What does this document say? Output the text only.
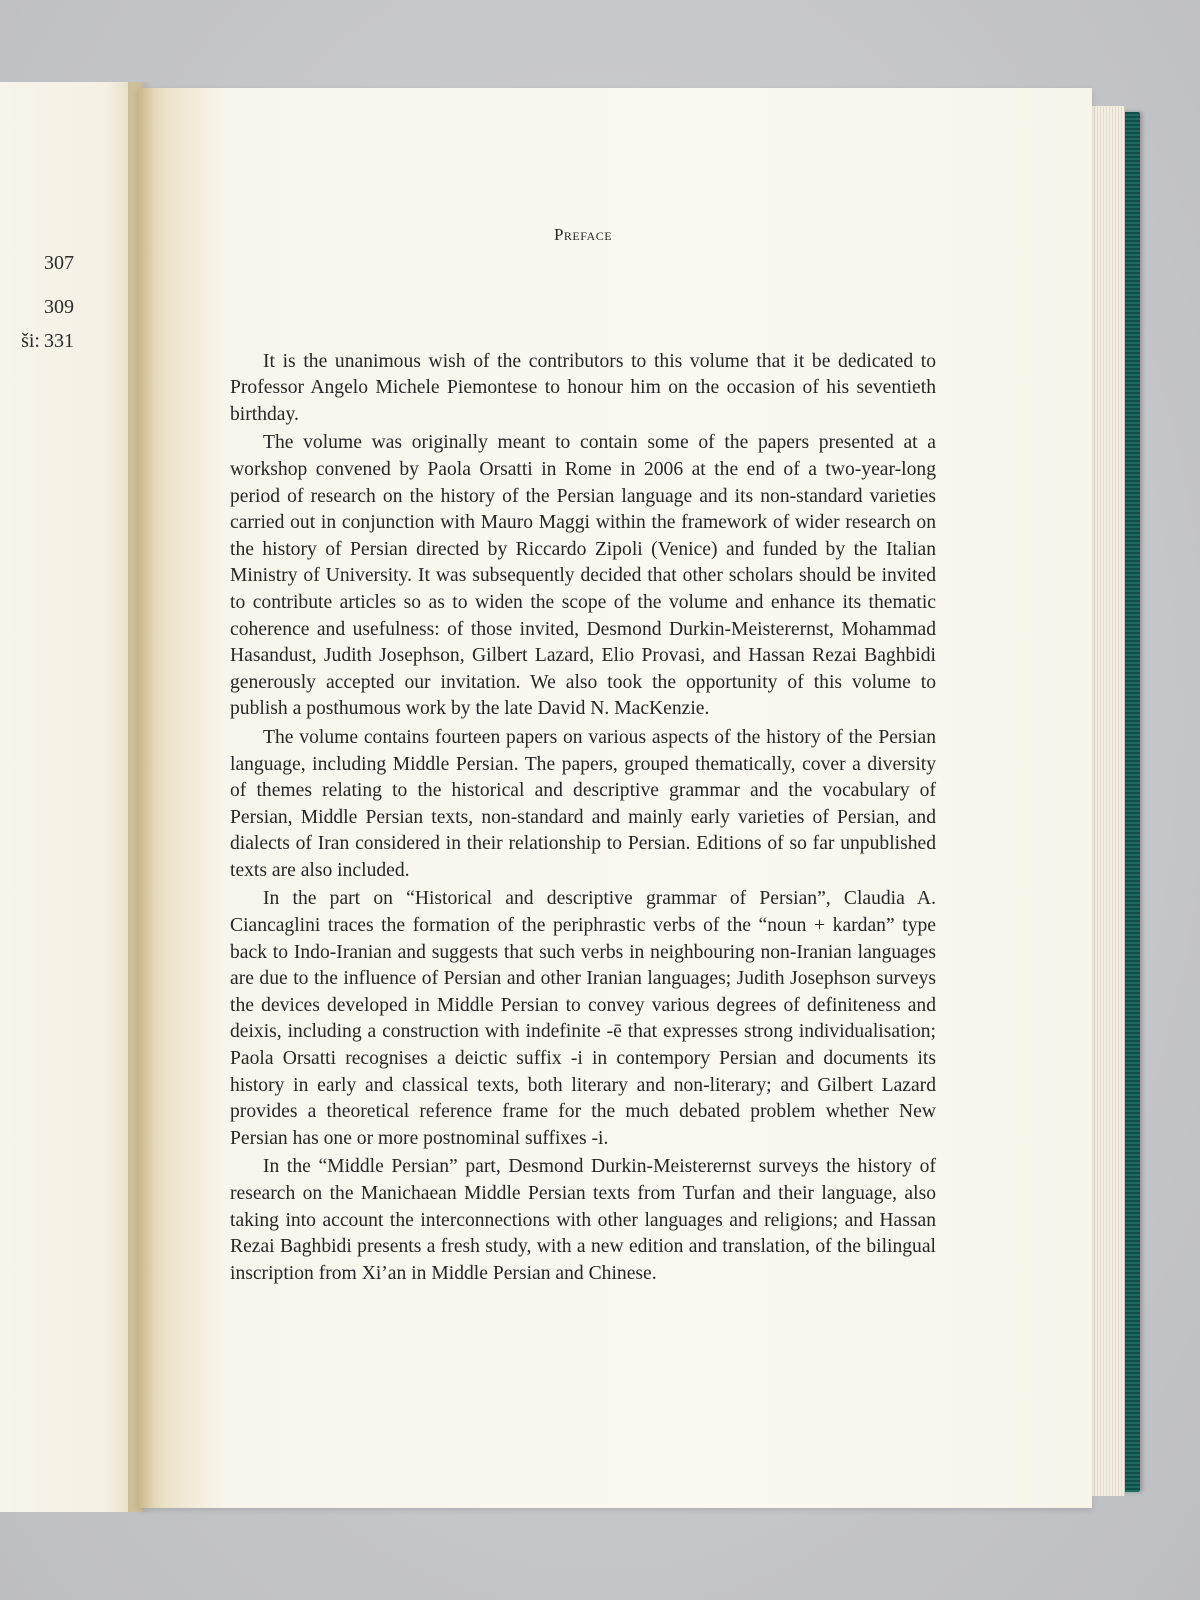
307
309
ši: 331
Preface

It is the unanimous wish of the contributors to this volume that it be dedicated to Professor Angelo Michele Piemontese to honour him on the occasion of his seventieth birthday.

The volume was originally meant to contain some of the papers presented at a workshop convened by Paola Orsatti in Rome in 2006 at the end of a two-year-long period of research on the history of the Persian language and its non-standard varieties carried out in conjunction with Mauro Maggi within the framework of wider research on the history of Persian directed by Riccardo Zipoli (Venice) and funded by the Italian Ministry of University. It was subsequently decided that other scholars should be invited to contribute articles so as to widen the scope of the volume and enhance its thematic coherence and usefulness: of those invited, Desmond Durkin-Meisterernst, Mohammad Hasandust, Judith Josephson, Gilbert Lazard, Elio Provasi, and Hassan Rezai Baghbidi generously accepted our invitation. We also took the opportunity of this volume to publish a posthumous work by the late David N. MacKenzie.

The volume contains fourteen papers on various aspects of the history of the Persian language, including Middle Persian. The papers, grouped thematically, cover a diversity of themes relating to the historical and descriptive grammar and the vocabulary of Persian, Middle Persian texts, non-standard and mainly early varieties of Persian, and dialects of Iran considered in their relationship to Persian. Editions of so far unpublished texts are also included.

In the part on “Historical and descriptive grammar of Persian”, Claudia A. Ciancaglini traces the formation of the periphrastic verbs of the “noun + kardan” type back to Indo-Iranian and suggests that such verbs in neighbouring non-Iranian languages are due to the influence of Persian and other Iranian languages; Judith Josephson surveys the devices developed in Middle Persian to convey various degrees of definiteness and deixis, including a construction with indefinite -ē that expresses strong individualisation; Paola Orsatti recognises a deictic suffix -i in contempory Persian and documents its history in early and classical texts, both literary and non-literary; and Gilbert Lazard provides a theoretical reference frame for the much debated problem whether New Persian has one or more postnominal suffixes -i.

In the “Middle Persian” part, Desmond Durkin-Meisterernst surveys the history of research on the Manichaean Middle Persian texts from Turfan and their language, also taking into account the interconnections with other languages and religions; and Hassan Rezai Baghbidi presents a fresh study, with a new edition and translation, of the bilingual inscription from Xi’an in Middle Persian and Chinese.
